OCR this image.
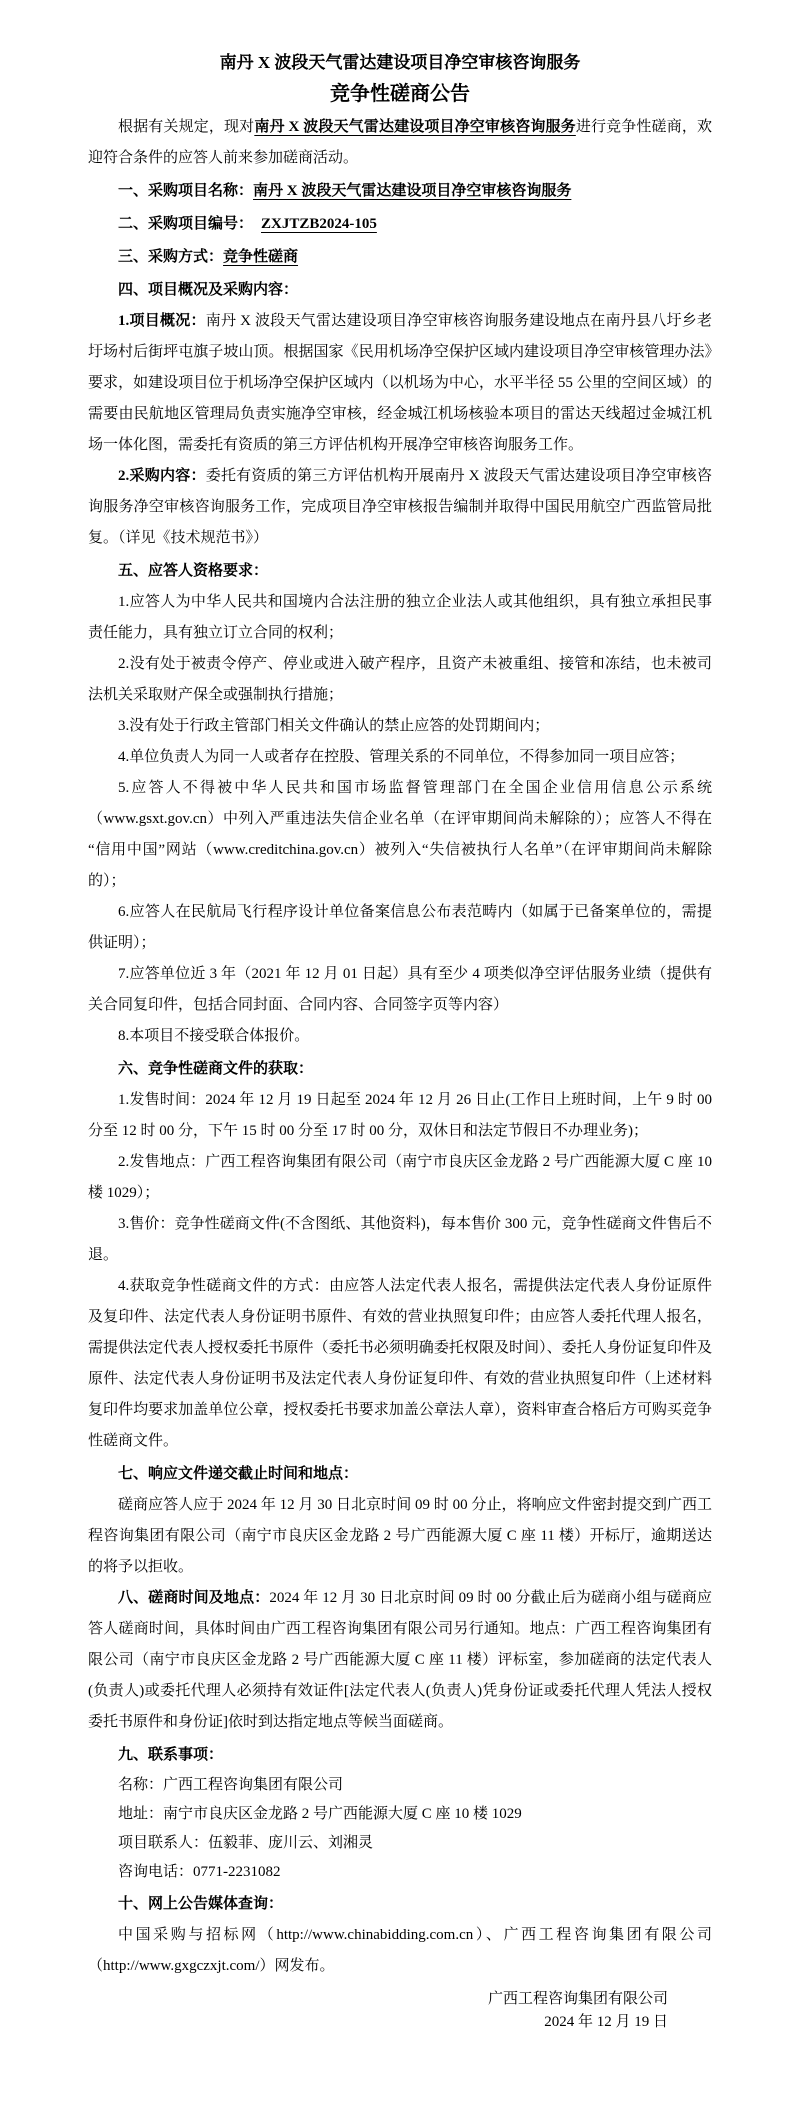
南丹 X 波段天气雷达建设项目净空审核咨询服务
竞争性磋商公告

根据有关规定，现对南丹 X 波段天气雷达建设项目净空审核咨询服务进行竞争性磋商，欢迎符合条件的应答人前来参加磋商活动。

一、采购项目名称：南丹 X 波段天气雷达建设项目净空审核咨询服务

二、采购项目编号： ZXJTZB2024-105

三、采购方式：竞争性磋商

四、项目概况及采购内容：

1.项目概况：南丹 X 波段天气雷达建设项目净空审核咨询服务建设地点在南丹县八圩乡老圩场村后街坪屯旗子坡山顶。根据国家《民用机场净空保护区域内建设项目净空审核管理办法》要求，如建设项目位于机场净空保护区域内（以机场为中心，水平半径 55 公里的空间区域）的需要由民航地区管理局负责实施净空审核，经金城江机场核验本项目的雷达天线超过金城江机场一体化图，需委托有资质的第三方评估机构开展净空审核咨询服务工作。

2.采购内容：委托有资质的第三方评估机构开展南丹 X 波段天气雷达建设项目净空审核咨询服务净空审核咨询服务工作，完成项目净空审核报告编制并取得中国民用航空广西监管局批复。（详见《技术规范书》）

五、应答人资格要求：

1.应答人为中华人民共和国境内合法注册的独立企业法人或其他组织，具有独立承担民事责任能力，具有独立订立合同的权利；

2.没有处于被责令停产、停业或进入破产程序，且资产未被重组、接管和冻结，也未被司法机关采取财产保全或强制执行措施；

3.没有处于行政主管部门相关文件确认的禁止应答的处罚期间内；

4.单位负责人为同一人或者存在控股、管理关系的不同单位，不得参加同一项目应答；

5.应答人不得被中华人民共和国市场监督管理部门在全国企业信用信息公示系统（www.gsxt.gov.cn）中列入严重违法失信企业名单（在评审期间尚未解除的）；应答人不得在“信用中国”网站（www.creditchina.gov.cn）被列入“失信被执行人名单”（在评审期间尚未解除的）；

6.应答人在民航局飞行程序设计单位备案信息公布表范畴内（如属于已备案单位的，需提供证明）；

7.应答单位近 3 年（2021 年 12 月 01 日起）具有至少 4 项类似净空评估服务业绩（提供有关合同复印件，包括合同封面、合同内容、合同签字页等内容）

8.本项目不接受联合体报价。

六、竞争性磋商文件的获取：

1.发售时间：2024 年 12 月 19 日起至 2024 年 12 月 26 日止(工作日上班时间，上午 9 时 00 分至 12 时 00 分，下午 15 时 00 分至 17 时 00 分，双休日和法定节假日不办理业务)；

2.发售地点：广西工程咨询集团有限公司（南宁市良庆区金龙路 2 号广西能源大厦 C 座 10 楼 1029）；

3.售价：竞争性磋商文件(不含图纸、其他资料)，每本售价 300 元，竞争性磋商文件售后不退。

4.获取竞争性磋商文件的方式：由应答人法定代表人报名，需提供法定代表人身份证原件及复印件、法定代表人身份证明书原件、有效的营业执照复印件；由应答人委托代理人报名，需提供法定代表人授权委托书原件（委托书必须明确委托权限及时间）、委托人身份证复印件及原件、法定代表人身份证明书及法定代表人身份证复印件、有效的营业执照复印件（上述材料复印件均要求加盖单位公章，授权委托书要求加盖公章法人章），资料审查合格后方可购买竞争性磋商文件。

七、响应文件递交截止时间和地点：

磋商应答人应于 2024 年 12 月 30 日北京时间 09 时 00 分止，将响应文件密封提交到广西工程咨询集团有限公司（南宁市良庆区金龙路 2 号广西能源大厦 C 座 11 楼）开标厅，逾期送达的将予以拒收。

八、磋商时间及地点：2024 年 12 月 30 日北京时间 09 时 00 分截止后为磋商小组与磋商应答人磋商时间，具体时间由广西工程咨询集团有限公司另行通知。地点：广西工程咨询集团有限公司（南宁市良庆区金龙路 2 号广西能源大厦 C 座 11 楼）评标室，参加磋商的法定代表人(负责人)或委托代理人必须持有效证件[法定代表人(负责人)凭身份证或委托代理人凭法人授权委托书原件和身份证]依时到达指定地点等候当面磋商。

九、联系事项：

名称：广西工程咨询集团有限公司

地址：南宁市良庆区金龙路 2 号广西能源大厦 C 座 10 楼 1029

项目联系人：伍毅菲、庞川云、刘湘灵

咨询电话：0771-2231082

十、网上公告媒体查询：

中国采购与招标网（http://www.chinabidding.com.cn）、广西工程咨询集团有限公司（http://www.gxgczxjt.com/）网发布。

广西工程咨询集团有限公司

2024 年 12 月 19 日
